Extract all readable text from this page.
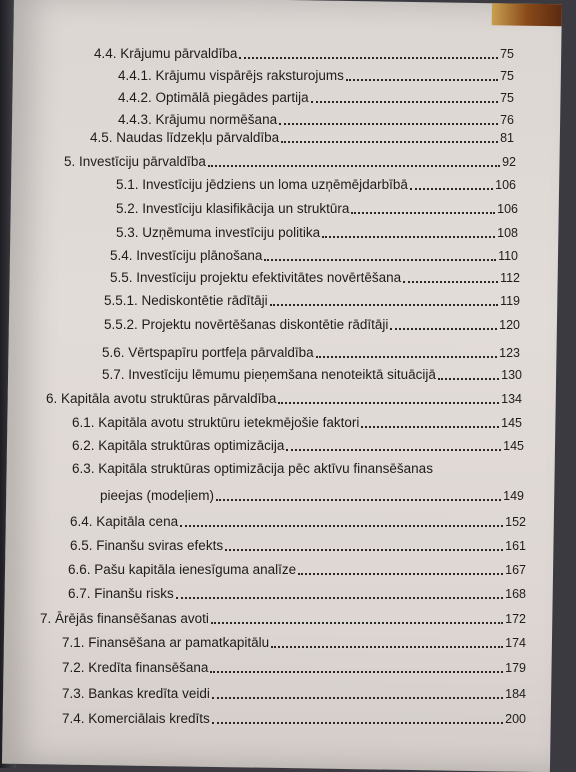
4.4. Krājumu pārvaldība	75
4.4.1. Krājumu vispārējs raksturojums	75
4.4.2. Optimālā piegādes partija	75
4.4.3. Krājumu normēšana	76
4.5. Naudas līdzekļu pārvaldība	81
5. Investīciju pārvaldība	92
5.1. Investīciju jēdziens un loma uzņēmējdarbībā	106
5.2. Investīciju klasifikācija un struktūra	106
5.3. Uzņēmuma investīciju politika	108
5.4. Investīciju plānošana	110
5.5. Investīciju projektu efektivitātes novērtēšana	112
5.5.1. Nediskontētie rādītāji	119
5.5.2. Projektu novērtēšanas diskontētie rādītāji	120
5.6. Vērtspapīru portfeļa pārvaldība	123
5.7. Investīciju lēmumu pieņemšana nenoteiktā situācijā	130
6. Kapitāla avotu struktūras pārvaldība	134
6.1. Kapitāla avotu struktūru ietekmējošie faktori	145
6.2. Kapitāla struktūras optimizācija	145
6.3. Kapitāla struktūras optimizācija pēc aktīvu finansēšanas
pieejas (modeļiem)	149
6.4. Kapitāla cena	152
6.5. Finanšu sviras efekts	161
6.6. Pašu kapitāla ienesīguma analīze	167
6.7. Finanšu risks	168
7. Ārējās finansēšanas avoti	172
7.1. Finansēšana ar pamatkapitālu	174
7.2. Kredīta finansēšana	179
7.3. Bankas kredīta veidi	184
7.4. Komerciālais kredīts	200
